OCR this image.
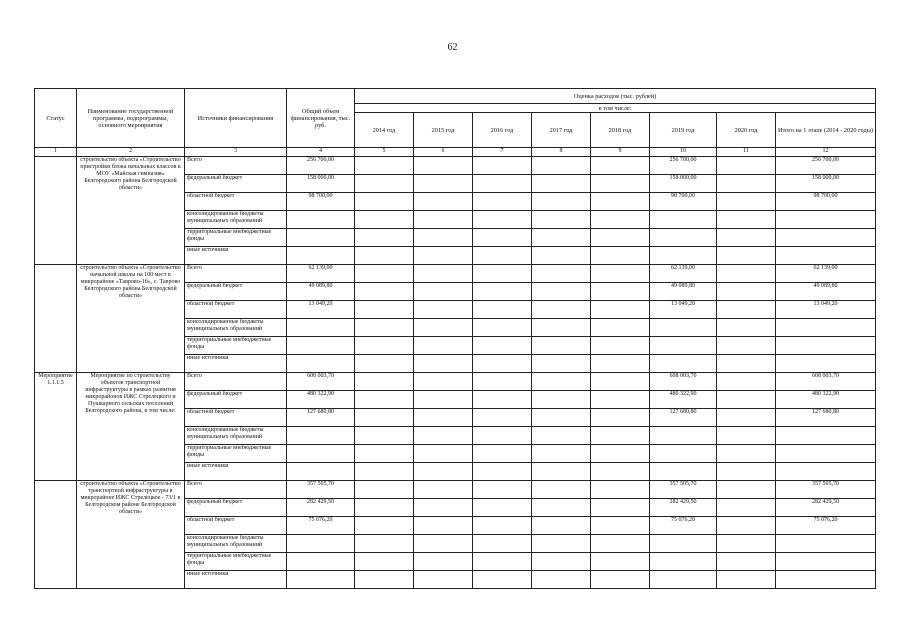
62
Статус	Наименование государственной программы, подпрограммы, основного мероприятия	Источники финансирования	Общий объем финансирования, тыс. руб.	Оценка расходов (тыс. рублей)							
				в том числе:							
				2014 год	2015 год	2016 год	2017 год	2018 год	2019 год	2020 год	Итого на 1 этапе (2014 - 2020 годы)
1	2	3	4	5	6	7	8	9	10	11	12
	строительство объекта «Строительство пристройки блока начальных классов к МОУ «Майская гимназия» Белгородского района Белгородской области»	Всего	256 700,00						256 700,00		256 700,00
		федеральный бюджет	158 000,00						158 000,00		158 000,00
		областной бюджет	98 700,00						98 700,00		98 700,00
		консолидированные бюджеты муниципальных образований									
		территориальные внебюджетные фонды									
		иные источники									
	строительство объекта «Строительство начальной школы на 100 мест в микрорайоне «Таврово-1б», с. Таврово Белгородского района Белгородской области»	Всего	62 139,00						62 139,00		62 139,00
		федеральный бюджет	49 089,80						49 089,80		49 089,80
		областной бюджет	13 049,20						13 049,20		13 049,20
		консолидированные бюджеты муниципальных образований									
		территориальные внебюджетные фонды									
		иные источники									
Мероприятие 1.1.1.5	Мероприятие по строительству объектов транспортной инфраструктуры в рамках развития микрорайонов ИЖС Стрелецкого и Пушкарного сельских поселений Белгородского района, в том числе:	Всего	608 003,70						608 003,70		608 003,70
		федеральный бюджет	480 322,90						480 322,90		480 322,90
		областной бюджет	127 680,80						127 680,80		127 680,80
		консолидированные бюджеты муниципальных образований									
		территориальные внебюджетные фонды									
		иные источники									
	строительство объекта «Строительство транспортной инфраструктуры в микрорайоне ИЖС Стрелецкое - 73/1 в Белгородском районе Белгородской области»	Всего	357 505,70						357 505,70		357 505,70
		федеральный бюджет	282 429,50						282 429,50		282 429,50
		областной бюджет	75 076,20						75 076,20		75 076,20
		консолидированные бюджеты муниципальных образований									
		территориальные внебюджетные фонды									
		иные источники									
